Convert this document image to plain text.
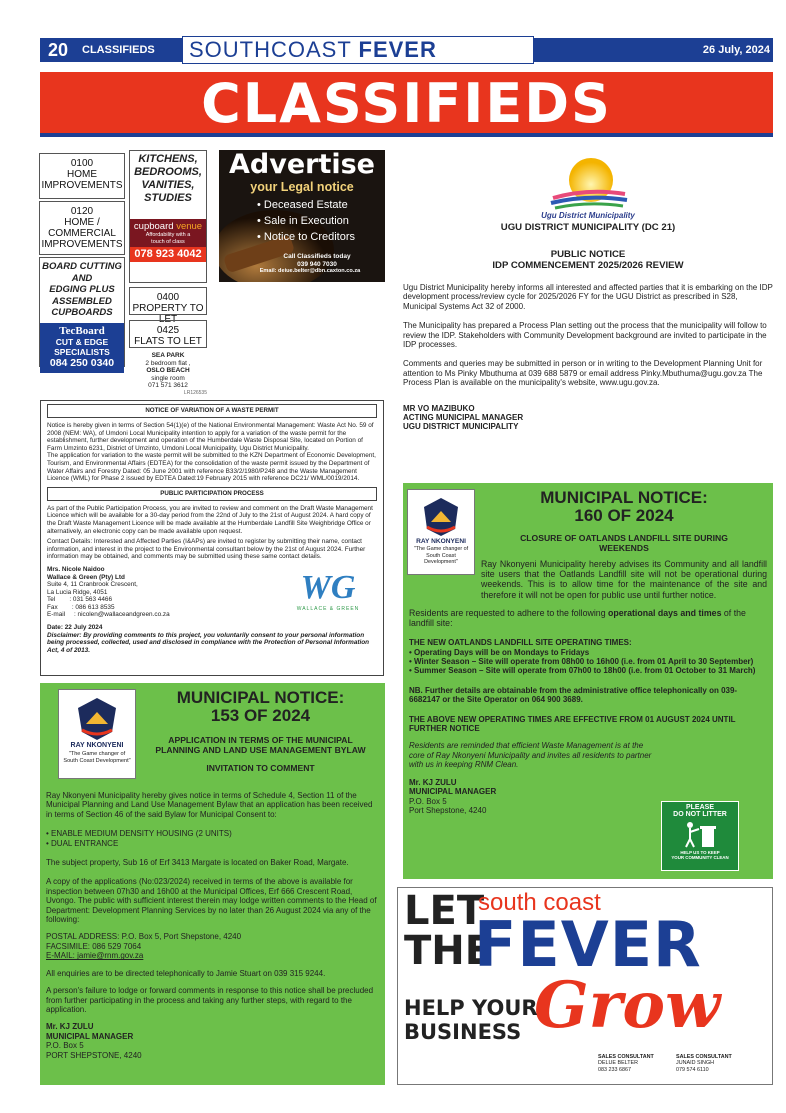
20	CLASSIFIEDS	SOUTHCOAST FEVER	26 July, 2024
CLASSIFIEDS
0100
HOME
IMPROVEMENTS
0120
HOME /
COMMERCIAL
IMPROVEMENTS
BOARD CUTTING
AND
EDGING PLUS
ASSEMBLED
CUPBOARDS
TecBoard
CUT & EDGE
SPECIALISTS
084 250 0340
KITCHENS,
BEDROOMS,
VANITIES,
STUDIES
cupboard venue
Affordability with a
touch of class
078 923 4042
0400
PROPERTY TO LET
0425
FLATS TO LET
SEA PARK
2 bedroom flat ,
OSLO BEACH
single room
071 571 3612
LR126535
Advertise
your Legal notice
• Deceased Estate
• Sale in Execution
• Notice to Creditors
Call Classifieds today
039 940 7030
Email: deiue.belter@dbn.caxton.co.za
Ugu District Municipality
UGU DISTRICT MUNICIPALITY (DC 21)
PUBLIC NOTICE
IDP COMMENCEMENT 2025/2026 REVIEW
Ugu District Municipality hereby informs all interested and affected parties that it is embarking on the IDP development process/review cycle for 2025/2026 FY for the UGU District as prescribed in S28, Municipal Systems Act 32 of 2000.
The Municipality has prepared a Process Plan setting out the process that the municipality will follow to review the IDP. Stakeholders with Community Development background are invited to participate in the IDP processes.
Comments and queries may be submitted in person or in writing to the Development Planning Unit for attention to Ms Pinky Mbuthuma at 039 688 5879 or email address Pinky.Mbuthuma@ugu.gov.za The Process Plan is available on the municipality's website, www.ugu.gov.za.
MR VO MAZIBUKO
ACTING MUNICIPAL MANAGER
UGU DISTRICT MUNICIPALITY
NOTICE OF VARIATION OF A WASTE PERMIT
Notice is hereby given in terms of Section 54(1)(e) of the National Environmental Management: Waste Act No. 59 of 2008 (NEM: WA), of Umdoni Local Municipality intention to apply for a variation of the waste permit for the establishment, further development and operation of the Humberdale Waste Disposal Site, located on Portion of Farm Umzinto 6231, District of Umzinto, Umdoni Local Municipality, Ugu District Municipality.
The application for variation to the waste permit will be submitted to the KZN Department of Economic Development, Tourism, and Environmental Affairs (EDTEA) for the consolidation of the waste permit issued by the Department of Water Affairs and Forestry Dated: 05 June 2001 with reference B33/2/1980/P248 and the Waste Management Licence (WML) for Phase 2 issued by EDTEA Dated:19 February 2015 with reference DC21/ WML/0019/2014.
PUBLIC PARTICIPATION PROCESS
As part of the Public Participation Process, you are invited to review and comment on the Draft Waste Management Licence which will be available for a 30-day period from the 22nd of July to the 21st of August 2024. A hard copy of the Draft Waste Management Licence will be made available at the Humberdale Landfill Site Weighbridge Office or alternatively, an electronic copy can be made available upon request.
Contact Details: Interested and Affected Parties (I&APs) are invited to register by submitting their name, contact information, and interest in the project to the Environmental consultant below by the 21st of August 2024. Further information may be obtained, and comments may be submitted using these same contact details.
Mrs. Nicole Naidoo
Wallace & Green (Pty) Ltd
Suite 4, 11 Cranbrook Crescent,
La Lucia Ridge, 4051
Tel        : 031 563 4466
Fax        : 086 613 8535
E-mail     : nicolen@wallaceandgreen.co.za
WG
WALLACE & GREEN
Date: 22 July 2024
Disclaimer: By providing comments to this project, you voluntarily consent to your personal information being processed, collected, used and disclosed in compliance with the Protection of Personal Information Act, 4 of 2013.
RAY NKONYENI
"The Game changer of South Coast Development"
MUNICIPAL NOTICE:
153 OF 2024
APPLICATION IN TERMS OF THE MUNICIPAL PLANNING AND LAND USE MANAGEMENT BYLAW
INVITATION TO COMMENT
Ray Nkonyeni Municipality hereby gives notice in terms of Schedule 4, Section 11 of the Municipal Planning and Land Use Management Bylaw that an application has been received in terms of Section 46 of the said Bylaw for Municipal Consent to:
• ENABLE MEDIUM DENSITY HOUSING (2 UNITS)
• DUAL ENTRANCE
The subject property, Sub 16 of Erf 3413 Margate is located on Baker Road, Margate.
A copy of the applications (No:023/2024) received in terms of the above is available for inspection between 07h30 and 16h00 at the Municipal Offices, Erf 666 Crescent Road, Uvongo. The public with sufficient interest therein may lodge written comments to the Head of Department: Development Planning Services by no later than 26 August 2024 via any of the following:
POSTAL ADDRESS: P.O. Box 5, Port Shepstone, 4240
FACSIMILE: 086 529 7064
E-MAIL: jamie@rnm.gov.za
All enquiries are to be directed telephonically to Jamie Stuart on 039 315 9244.
A person's failure to lodge or forward comments in response to this notice shall be precluded from further participating in the process and taking any further steps, with regard to the application.
Mr. KJ ZULU
MUNICIPAL MANAGER
P.O. Box 5
PORT SHEPSTONE, 4240
RAY NKONYENI
"The Game changer of South Coast Development"
MUNICIPAL NOTICE:
160 OF 2024
CLOSURE OF OATLANDS LANDFILL SITE DURING WEEKENDS
Ray Nkonyeni Municipality hereby advises its Community and all landfill site users that the Oatlands Landfill site will not be operational during weekends. This is to allow time for the maintenance of the site and therefore it will not be open for public use until further notice.
Residents are requested to adhere to the following operational days and times of the landfill site:
THE NEW OATLANDS LANDFILL SITE OPERATING TIMES:
• Operating Days will be on Mondays to Fridays
• Winter Season – Site will operate from 08h00 to 16h00 (i.e. from 01 April to 30 September)
• Summer Season – Site will operate from 07h00 to 18h00 (i.e. from 01 October to 31 March)
NB. Further details are obtainable from the administrative office telephonically on 039-6682147 or the Site Operator on 064 900 3689.
THE ABOVE NEW OPERATING TIMES ARE EFFECTIVE FROM 01 AUGUST 2024 UNTIL FURTHER NOTICE
Residents are reminded that efficient Waste Management is at the core of Ray Nkonyeni Municipality and invites all residents to partner with us in keeping RNM Clean.
Mr. KJ ZULU
MUNICIPAL MANAGER
P.O. Box 5
Port Shepstone, 4240	PLEASE
DO NOT LITTER
HELP US TO KEEP
YOUR COMMUNITY CLEAN
LET
THE
south coast
FEVER
Grow
HELP YOUR
BUSINESS
SALES CONSULTANT
DELUE BELTER
083 233 6867
SALES CONSULTANT
JUNAID SINGH
079 574 6110
